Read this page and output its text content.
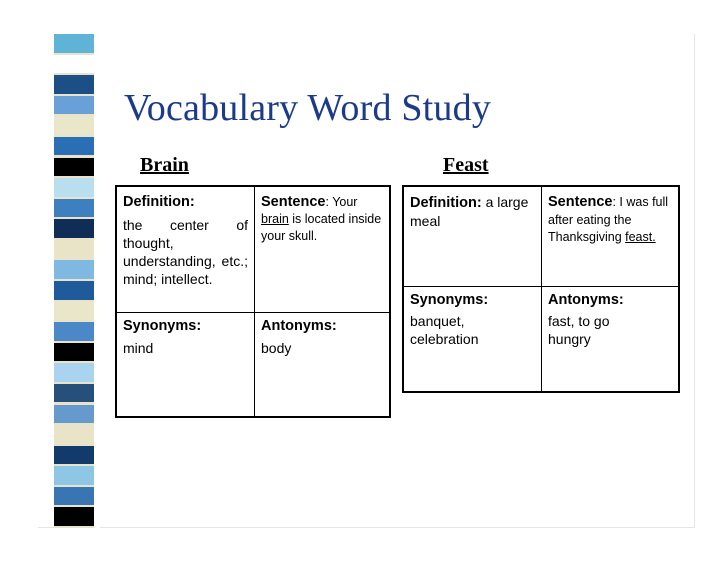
Vocabulary Word Study
Brain	Feast
Definition:
the center of thought, understanding, etc.; mind; intellect.
Sentence: Your brain is located inside your skull.
Synonyms:
mind
Antonyms:
body
Definition: a large meal
Sentence: I was full after eating the Thanksgiving feast.
Synonyms:
banquet, celebration
Antonyms:
fast, to go hungry
